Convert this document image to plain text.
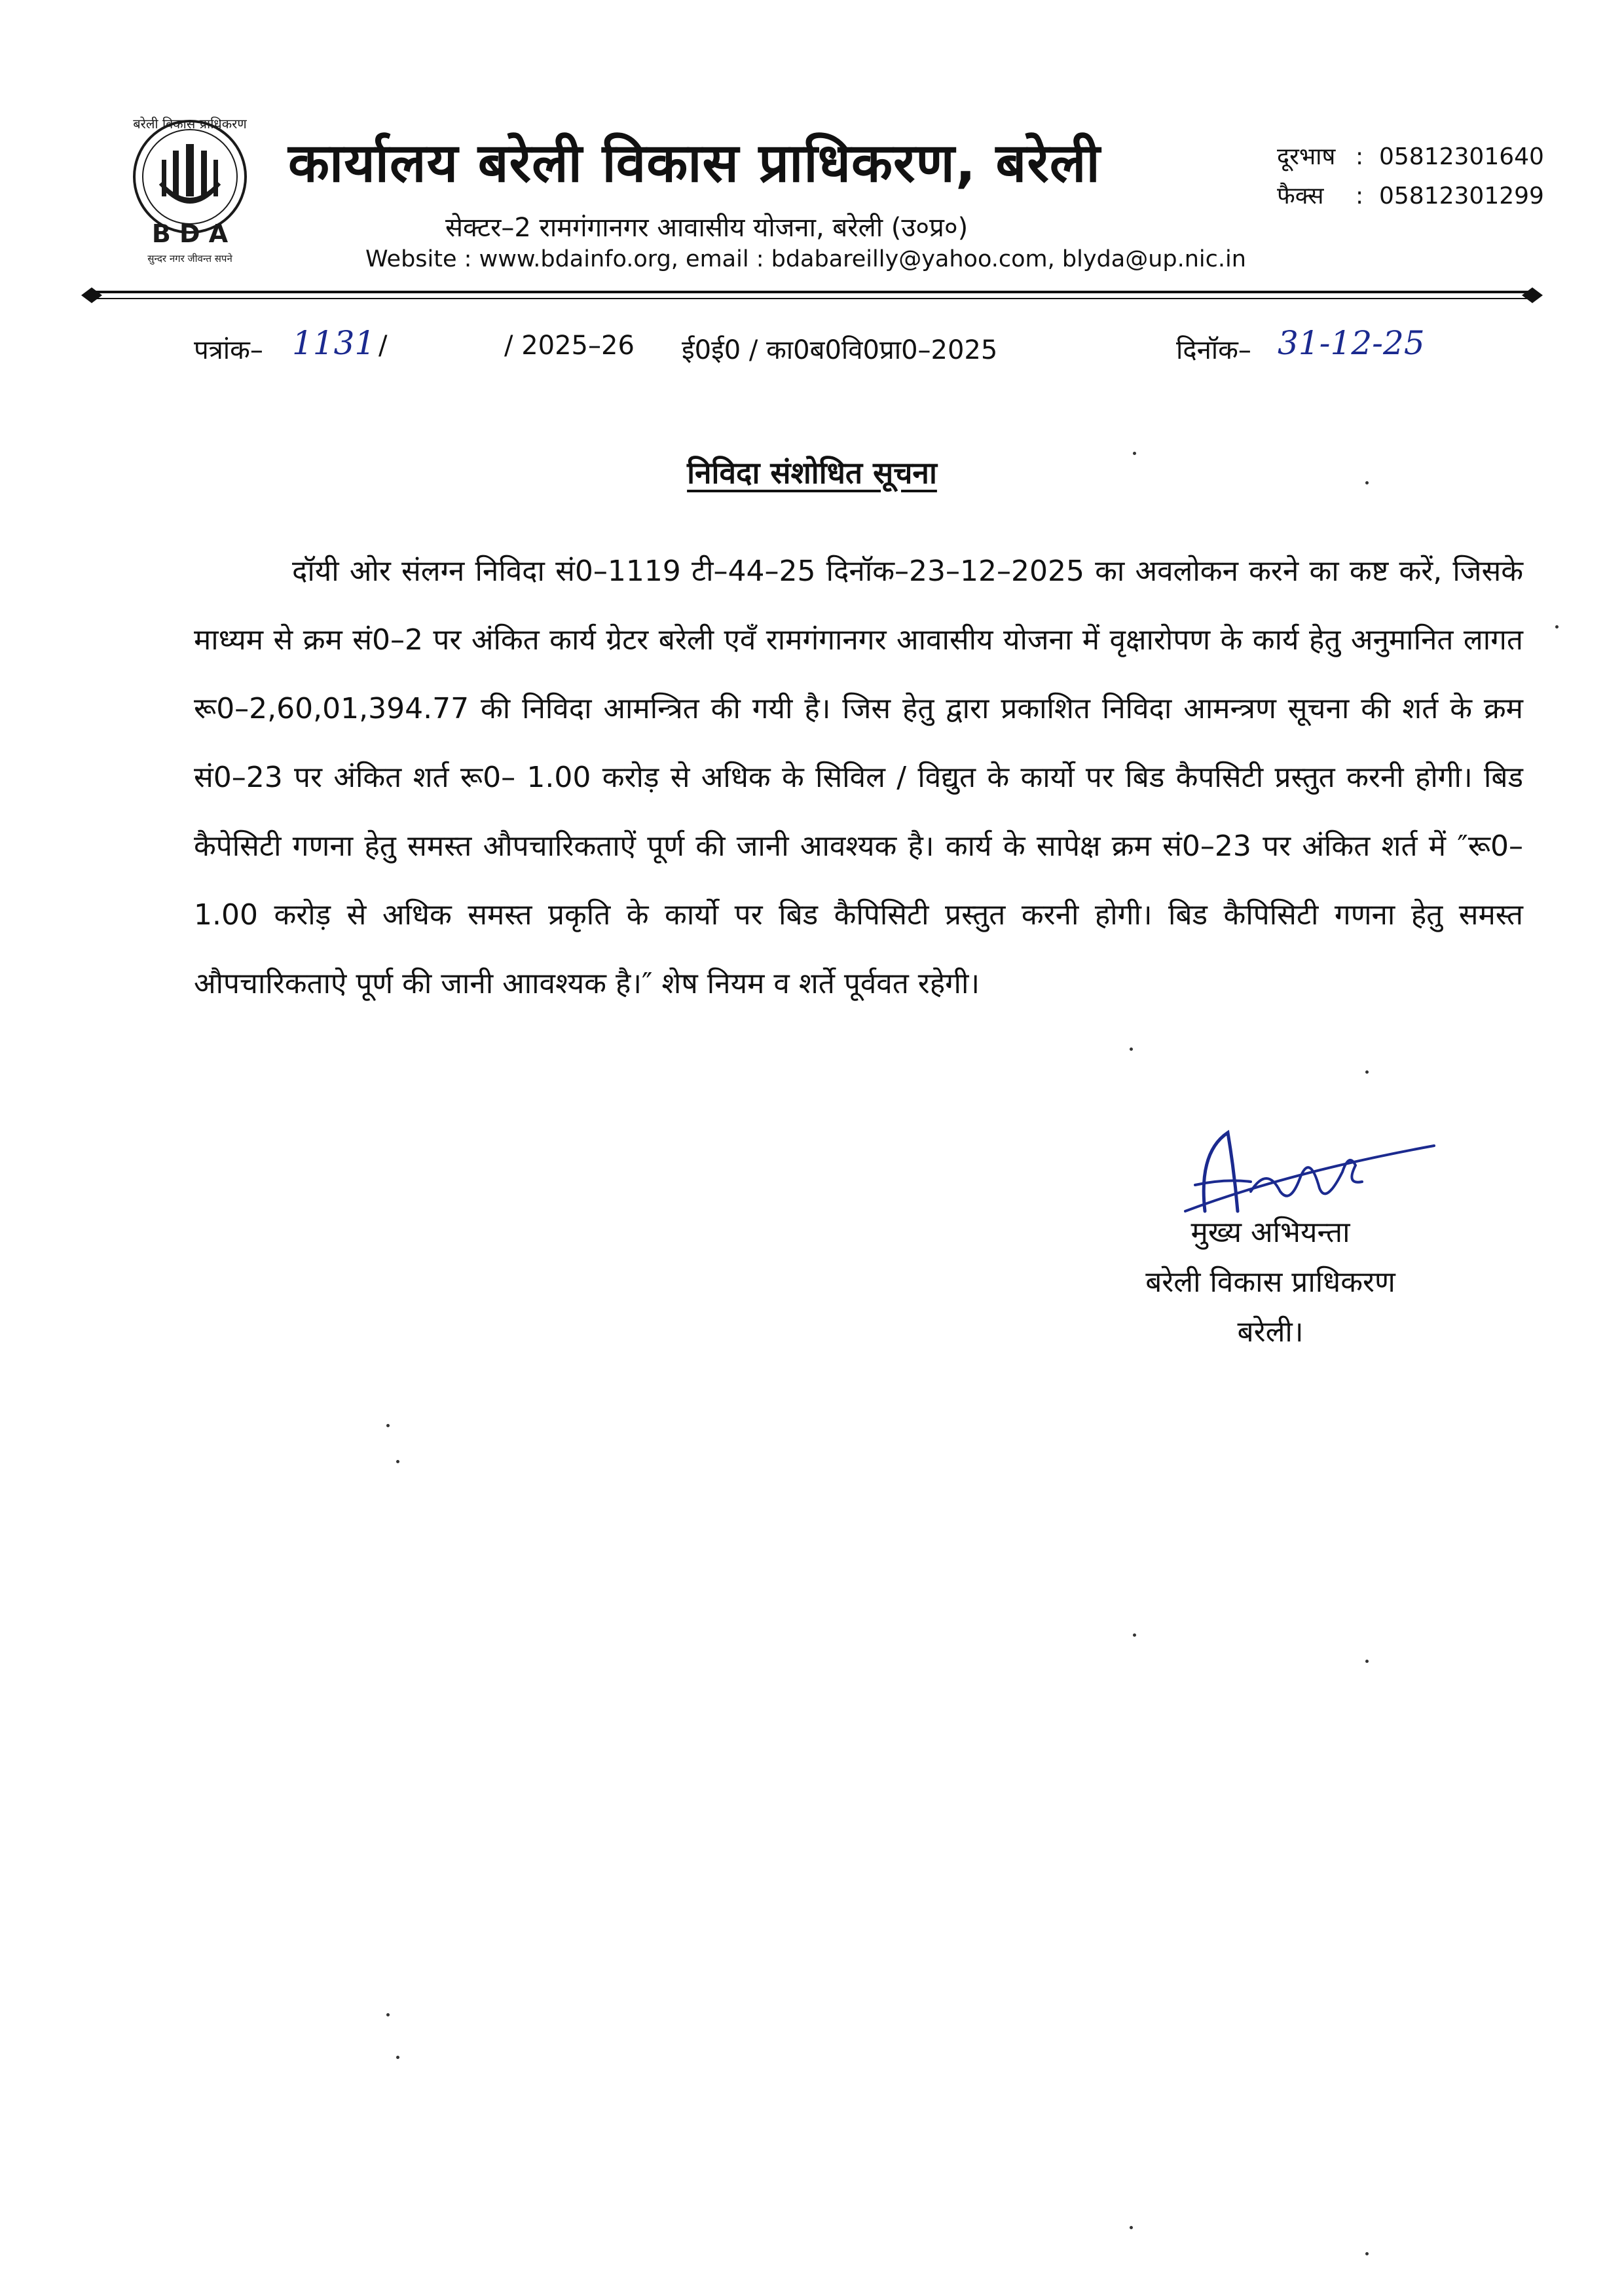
बरेली विकास प्राधिकरण
B D A
सुन्दर नगर जीवन्त सपने
कार्यालय बरेली विकास प्राधिकरण, बरेली
सेक्टर–2 रामगंगानगर आवासीय योजना, बरेली (उ०प्र०)
Website : www.bdainfo.org, email : bdabareilly@yahoo.com, blyda@up.nic.in
दूरभाष : 05812301640
फैक्स : 05812301299
पत्रांक– 1131 /	/ 2025–26 ई0ई0 / का0ब0वि0प्रा0–2025	दिनॉक– 31-12-25
निविदा संशोधित सूचना
दॉयी ओर संलग्न निविदा सं0–1119 टी–44–25 दिनॉक–23–12–2025 का अवलोकन करने का कष्ट करें, जिसके माध्यम से क्रम सं0–2 पर अंकित कार्य ग्रेटर बरेली एवँ रामगंगानगर आवासीय योजना में वृक्षारोपण के कार्य हेतु अनुमानित लागत रू0–2,60,01,394.77 की निविदा आमन्त्रित की गयी है। जिस हेतु द्वारा प्रकाशित निविदा आमन्त्रण सूचना की शर्त के क्रम सं0–23 पर अंकित शर्त रू0– 1.00 करोड़ से अधिक के सिविल / विद्युत के कार्यो पर बिड कैपसिटी प्रस्तुत करनी होगी। बिड कैपेसिटी गणना हेतु समस्त औपचारिकताऐं पूर्ण की जानी आवश्यक है। कार्य के सापेक्ष क्रम सं0–23 पर अंकित शर्त में ″रू0–1.00 करोड़ से अधिक समस्त प्रकृति के कार्यो पर बिड कैपिसिटी प्रस्तुत करनी होगी। बिड कैपिसिटी गणना हेतु समस्त औपचारिकताऐ पूर्ण की जानी आावश्यक है।″ शेष नियम व शर्ते पूर्ववत रहेगी।
मुख्य अभियन्ता
बरेली विकास प्राधिकरण
बरेली।
